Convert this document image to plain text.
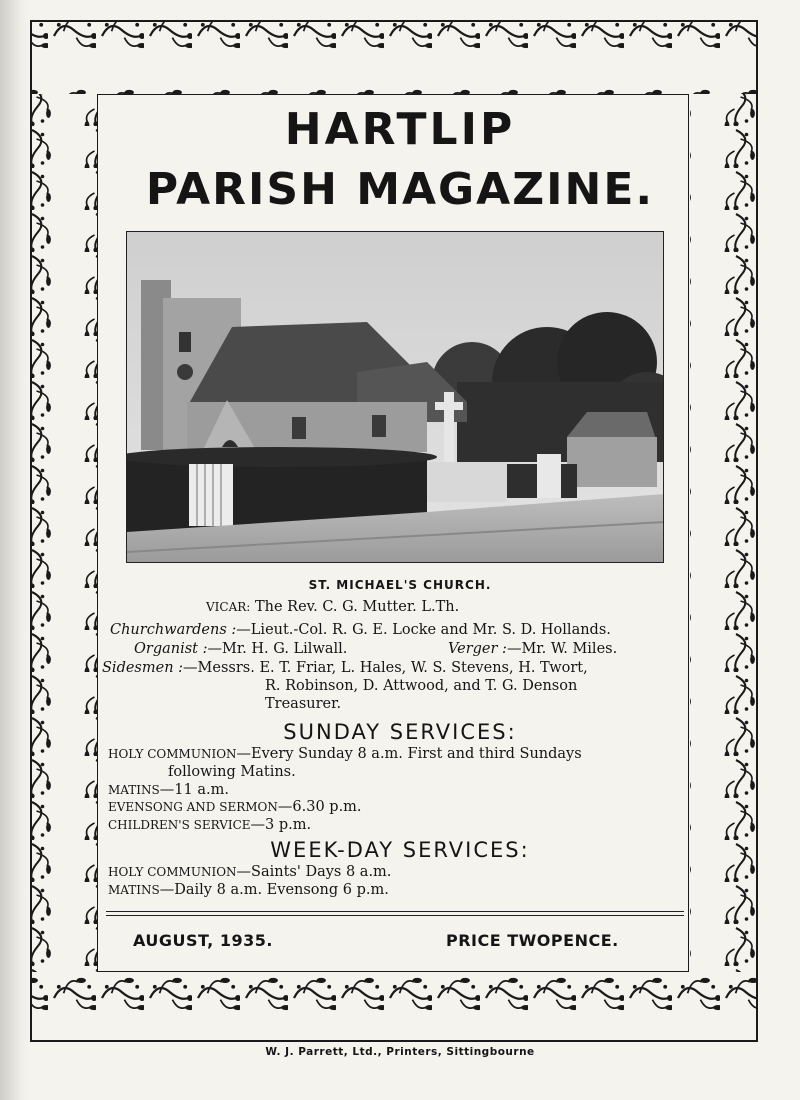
HARTLIP
PARISH MAGAZINE.
ST. MICHAEL'S CHURCH.
VICAR: The Rev. C. G. Mutter. L.Th.
Churchwardens :—Lieut.-Col. R. G. E. Locke and Mr. S. D. Hollands.
Organist :—Mr. H. G. Lilwall.	Verger :—Mr. W. Miles.
Sidesmen :—Messrs. E. T. Friar, L. Hales, W. S. Stevens, H. Twort,
R. Robinson, D. Attwood, and T. G. Denson
Treasurer.
SUNDAY SERVICES:
HOLY COMMUNION—Every Sunday 8 a.m. First and third Sundays
following Matins.
MATINS—11 a.m.
EVENSONG AND SERMON—6.30 p.m.
CHILDREN'S SERVICE—3 p.m.
WEEK-DAY SERVICES:
HOLY COMMUNION—Saints' Days 8 a.m.
MATINS—Daily 8 a.m. Evensong 6 p.m.
AUGUST, 1935.	PRICE TWOPENCE.
W. J. Parrett, Ltd., Printers, Sittingbourne
